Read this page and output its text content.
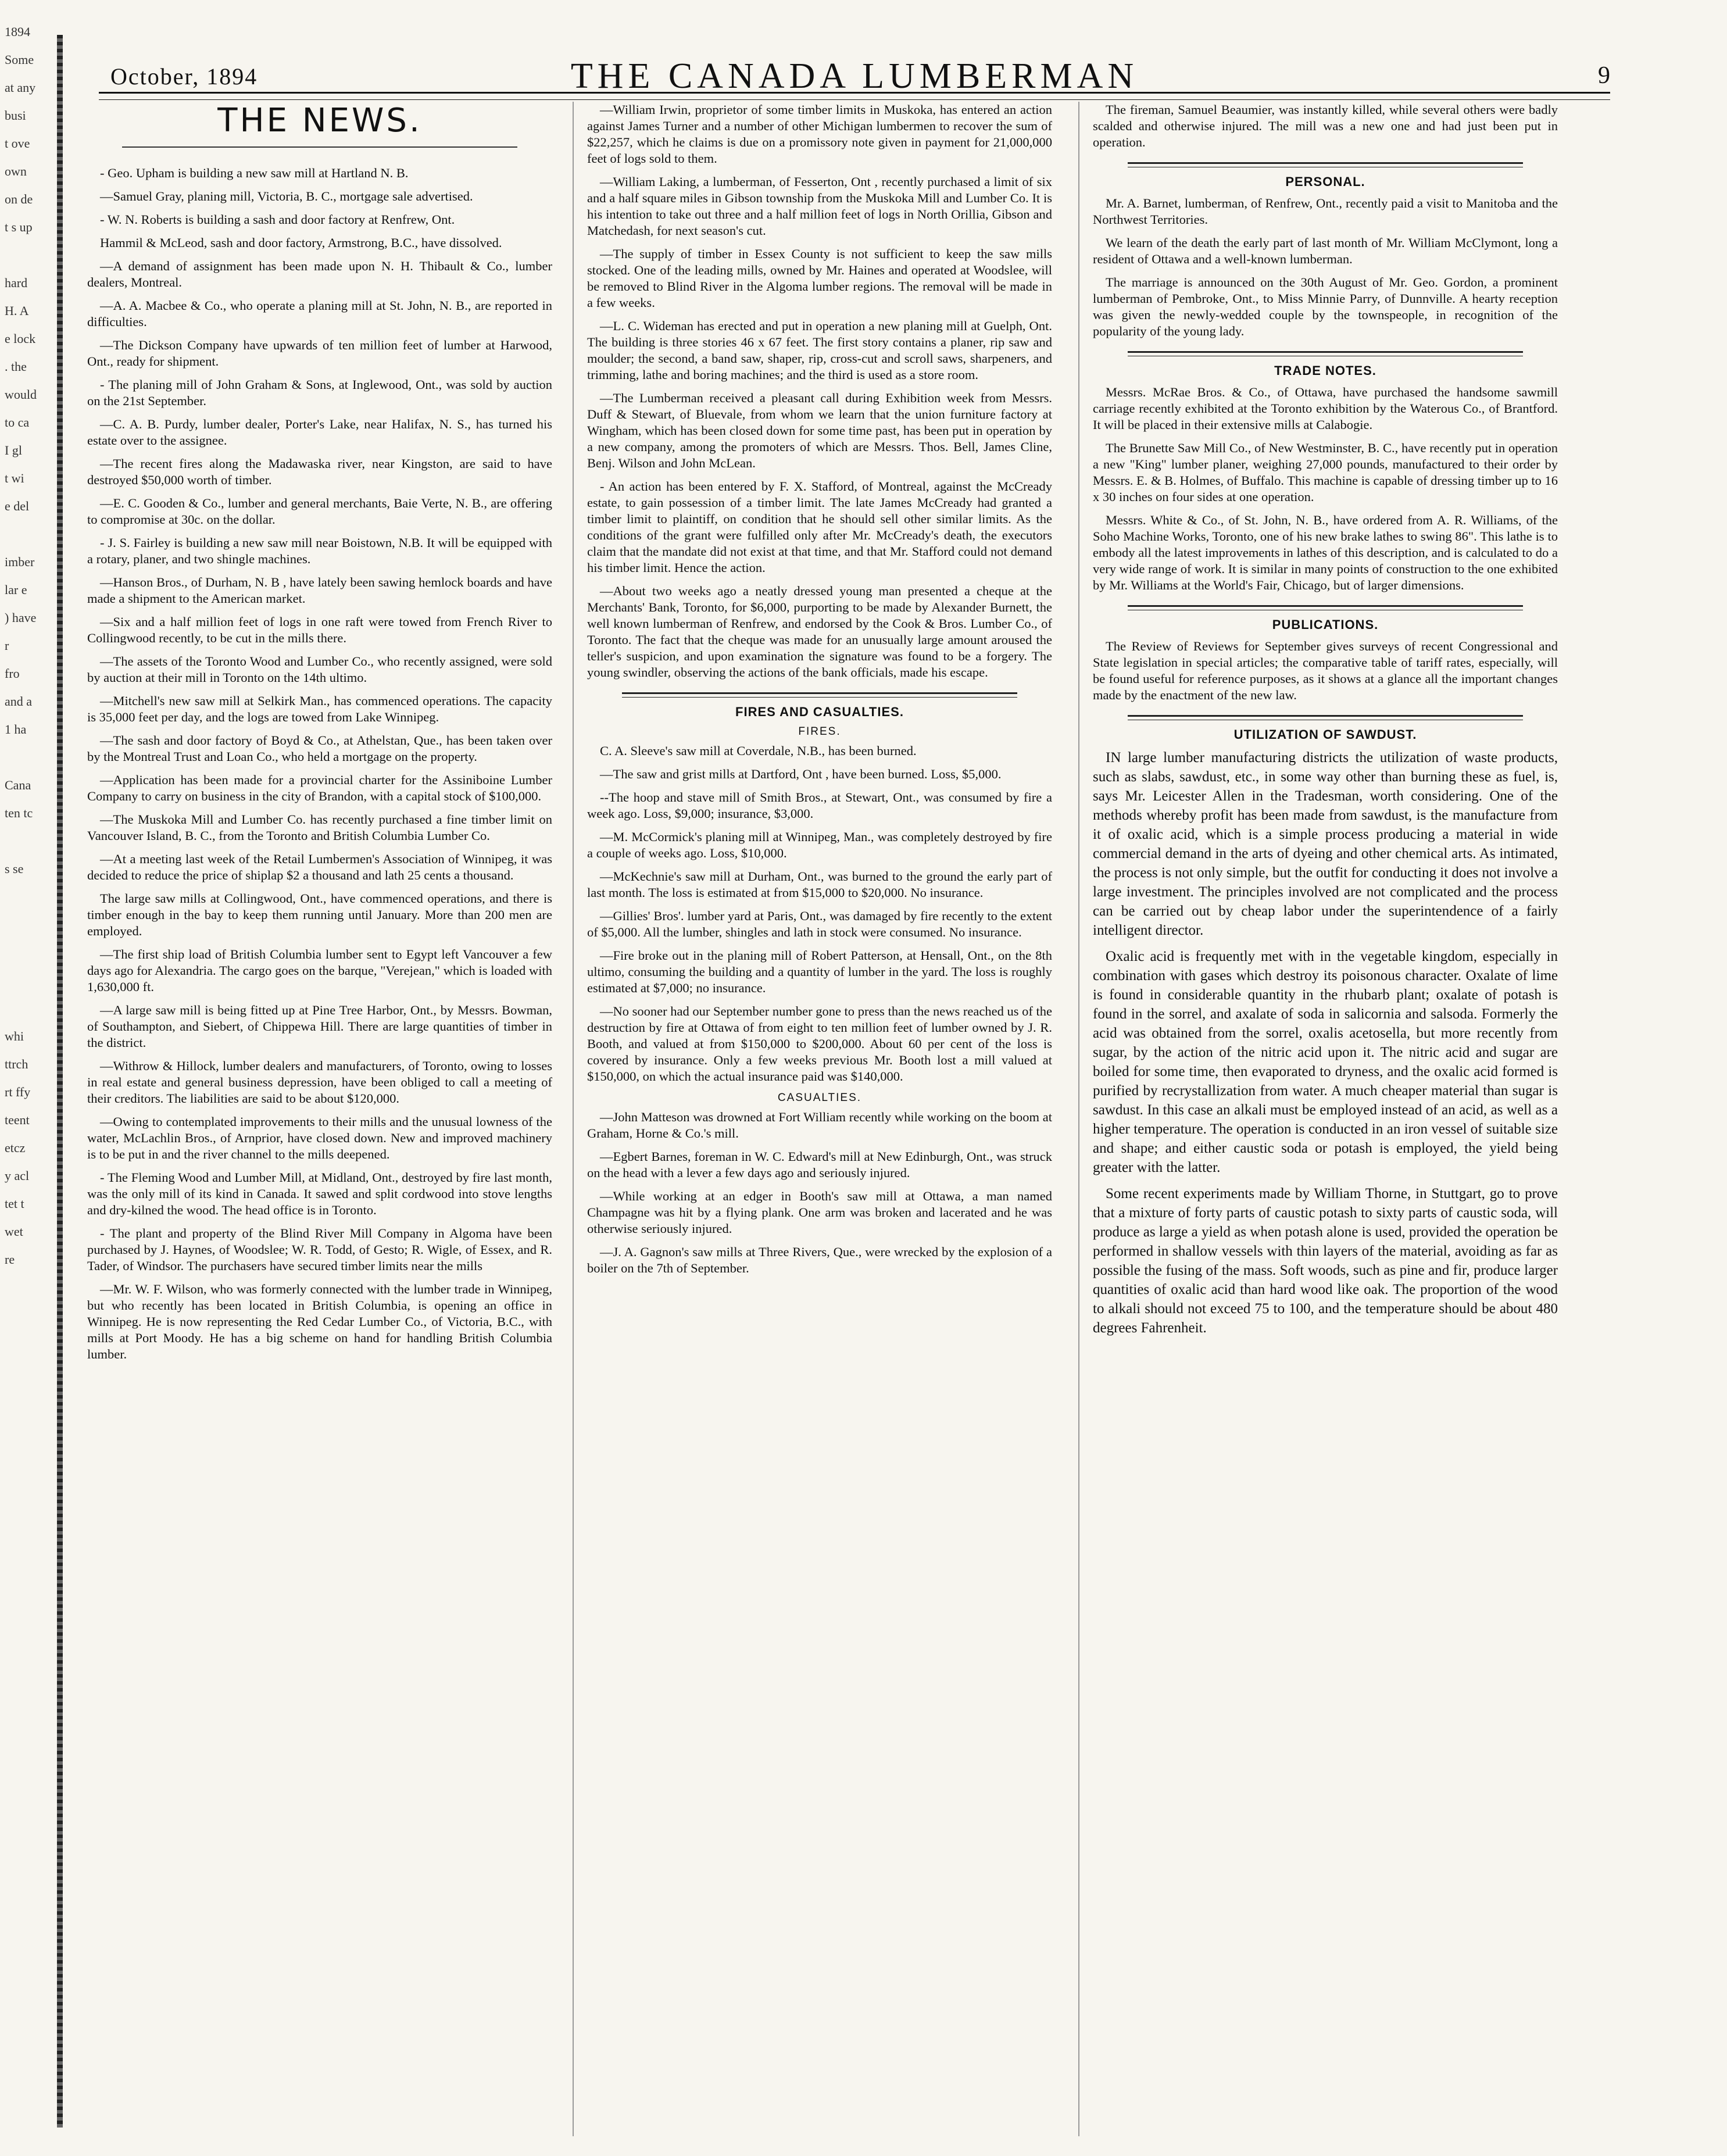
1894
Some
at any
busi
t ove
own
on de
t s up
hard
H. A
e lock
. the
would
to ca
I gl
t wi
e del
imber
lar e
) have
r
fro
and a
1 ha
Cana
ten tc
s se
whi
ttrch
rt ffy
teent
etcz
y acl
tet t
wet
re
October, 1894	THE CANADA LUMBERMAN	9
THE NEWS.

- Geo. Upham is building a new saw mill at Hartland N. B.

—Samuel Gray, planing mill, Victoria, B. C., mortgage sale advertised.

- W. N. Roberts is building a sash and door factory at Renfrew, Ont.

Hammil & McLeod, sash and door factory, Armstrong, B.C., have dissolved.

—A demand of assignment has been made upon N. H. Thibault & Co., lumber dealers, Montreal.

—A. A. Macbee & Co., who operate a planing mill at St. John, N. B., are reported in difficulties.

—The Dickson Company have upwards of ten million feet of lumber at Harwood, Ont., ready for shipment.

- The planing mill of John Graham & Sons, at Inglewood, Ont., was sold by auction on the 21st September.

—C. A. B. Purdy, lumber dealer, Porter's Lake, near Halifax, N. S., has turned his estate over to the assignee.

—The recent fires along the Madawaska river, near Kingston, are said to have destroyed $50,000 worth of timber.

—E. C. Gooden & Co., lumber and general merchants, Baie Verte, N. B., are offering to compromise at 30c. on the dollar.

- J. S. Fairley is building a new saw mill near Boistown, N.B. It will be equipped with a rotary, planer, and two shingle machines.

—Hanson Bros., of Durham, N. B , have lately been sawing hemlock boards and have made a shipment to the American market.

—Six and a half million feet of logs in one raft were towed from French River to Collingwood recently, to be cut in the mills there.

—The assets of the Toronto Wood and Lumber Co., who recently assigned, were sold by auction at their mill in Toronto on the 14th ultimo.

—Mitchell's new saw mill at Selkirk Man., has commenced operations. The capacity is 35,000 feet per day, and the logs are towed from Lake Winnipeg.

—The sash and door factory of Boyd & Co., at Athelstan, Que., has been taken over by the Montreal Trust and Loan Co., who held a mortgage on the property.

—Application has been made for a provincial charter for the Assiniboine Lumber Company to carry on business in the city of Brandon, with a capital stock of $100,000.

—The Muskoka Mill and Lumber Co. has recently purchased a fine timber limit on Vancouver Island, B. C., from the Toronto and British Columbia Lumber Co.

—At a meeting last week of the Retail Lumbermen's Association of Winnipeg, it was decided to reduce the price of shiplap $2 a thousand and lath 25 cents a thousand.

The large saw mills at Collingwood, Ont., have commenced operations, and there is timber enough in the bay to keep them running until January. More than 200 men are employed.

—The first ship load of British Columbia lumber sent to Egypt left Vancouver a few days ago for Alexandria. The cargo goes on the barque, "Verejean," which is loaded with 1,630,000 ft.

—A large saw mill is being fitted up at Pine Tree Harbor, Ont., by Messrs. Bowman, of Southampton, and Siebert, of Chippewa Hill. There are large quantities of timber in the district.

—Withrow & Hillock, lumber dealers and manufacturers, of Toronto, owing to losses in real estate and general business depression, have been obliged to call a meeting of their creditors. The liabilities are said to be about $120,000.

—Owing to contemplated improvements to their mills and the unusual lowness of the water, McLachlin Bros., of Arnprior, have closed down. New and improved machinery is to be put in and the river channel to the mills deepened.

- The Fleming Wood and Lumber Mill, at Midland, Ont., destroyed by fire last month, was the only mill of its kind in Canada. It sawed and split cordwood into stove lengths and dry-kilned the wood. The head office is in Toronto.

- The plant and property of the Blind River Mill Company in Algoma have been purchased by J. Haynes, of Woodslee; W. R. Todd, of Gesto; R. Wigle, of Essex, and R. Tader, of Windsor. The purchasers have secured timber limits near the mills

—Mr. W. F. Wilson, who was formerly connected with the lumber trade in Winnipeg, but who recently has been located in British Columbia, is opening an office in Winnipeg. He is now representing the Red Cedar Lumber Co., of Victoria, B.C., with mills at Port Moody. He has a big scheme on hand for handling British Columbia lumber.

—William Irwin, proprietor of some timber limits in Muskoka, has entered an action against James Turner and a number of other Michigan lumbermen to recover the sum of $22,257, which he claims is due on a promissory note given in payment for 21,000,000 feet of logs sold to them.

—William Laking, a lumberman, of Fesserton, Ont , recently purchased a limit of six and a half square miles in Gibson township from the Muskoka Mill and Lumber Co. It is his intention to take out three and a half million feet of logs in North Orillia, Gibson and Matchedash, for next season's cut.

—The supply of timber in Essex County is not sufficient to keep the saw mills stocked. One of the leading mills, owned by Mr. Haines and operated at Woodslee, will be removed to Blind River in the Algoma lumber regions. The removal will be made in a few weeks.

—L. C. Wideman has erected and put in operation a new planing mill at Guelph, Ont. The building is three stories 46 x 67 feet. The first story contains a planer, rip saw and moulder; the second, a band saw, shaper, rip, cross-cut and scroll saws, sharpeners, and trimming, lathe and boring machines; and the third is used as a store room.

—The Lumberman received a pleasant call during Exhibition week from Messrs. Duff & Stewart, of Bluevale, from whom we learn that the union furniture factory at Wingham, which has been closed down for some time past, has been put in operation by a new company, among the promoters of which are Messrs. Thos. Bell, James Cline, Benj. Wilson and John McLean.

- An action has been entered by F. X. Stafford, of Montreal, against the McCready estate, to gain possession of a timber limit. The late James McCready had granted a timber limit to plaintiff, on condition that he should sell other similar limits. As the conditions of the grant were fulfilled only after Mr. McCready's death, the executors claim that the mandate did not exist at that time, and that Mr. Stafford could not demand his timber limit. Hence the action.

—About two weeks ago a neatly dressed young man presented a cheque at the Merchants' Bank, Toronto, for $6,000, purporting to be made by Alexander Burnett, the well known lumberman of Renfrew, and endorsed by the Cook & Bros. Lumber Co., of Toronto. The fact that the cheque was made for an unusually large amount aroused the teller's suspicion, and upon examination the signature was found to be a forgery. The young swindler, observing the actions of the bank officials, made his escape.

FIRES AND CASUALTIES.
FIRES.

C. A. Sleeve's saw mill at Coverdale, N.B., has been burned.

—The saw and grist mills at Dartford, Ont , have been burned. Loss, $5,000.

--The hoop and stave mill of Smith Bros., at Stewart, Ont., was consumed by fire a week ago. Loss, $9,000; insurance, $3,000.

—M. McCormick's planing mill at Winnipeg, Man., was completely destroyed by fire a couple of weeks ago. Loss, $10,000.

—McKechnie's saw mill at Durham, Ont., was burned to the ground the early part of last month. The loss is estimated at from $15,000 to $20,000. No insurance.

—Gillies' Bros'. lumber yard at Paris, Ont., was damaged by fire recently to the extent of $5,000. All the lumber, shingles and lath in stock were consumed. No insurance.

—Fire broke out in the planing mill of Robert Patterson, at Hensall, Ont., on the 8th ultimo, consuming the building and a quantity of lumber in the yard. The loss is roughly estimated at $7,000; no insurance.

—No sooner had our September number gone to press than the news reached us of the destruction by fire at Ottawa of from eight to ten million feet of lumber owned by J. R. Booth, and valued at from $150,000 to $200,000. About 60 per cent of the loss is covered by insurance. Only a few weeks previous Mr. Booth lost a mill valued at $150,000, on which the actual insurance paid was $140,000.

CASUALTIES.

—John Matteson was drowned at Fort William recently while working on the boom at Graham, Horne & Co.'s mill.

—Egbert Barnes, foreman in W. C. Edward's mill at New Edinburgh, Ont., was struck on the head with a lever a few days ago and seriously injured.

—While working at an edger in Booth's saw mill at Ottawa, a man named Champagne was hit by a flying plank. One arm was broken and lacerated and he was otherwise seriously injured.

—J. A. Gagnon's saw mills at Three Rivers, Que., were wrecked by the explosion of a boiler on the 7th of September.

The fireman, Samuel Beaumier, was instantly killed, while several others were badly scalded and otherwise injured. The mill was a new one and had just been put in operation.

PERSONAL.

Mr. A. Barnet, lumberman, of Renfrew, Ont., recently paid a visit to Manitoba and the Northwest Territories.

We learn of the death the early part of last month of Mr. William McClymont, long a resident of Ottawa and a well-known lumberman.

The marriage is announced on the 30th August of Mr. Geo. Gordon, a prominent lumberman of Pembroke, Ont., to Miss Minnie Parry, of Dunnville. A hearty reception was given the newly-wedded couple by the townspeople, in recognition of the popularity of the young lady.

TRADE NOTES.

Messrs. McRae Bros. & Co., of Ottawa, have purchased the handsome sawmill carriage recently exhibited at the Toronto exhibition by the Waterous Co., of Brantford. It will be placed in their extensive mills at Calabogie.

The Brunette Saw Mill Co., of New Westminster, B. C., have recently put in operation a new "King" lumber planer, weighing 27,000 pounds, manufactured to their order by Messrs. E. & B. Holmes, of Buffalo. This machine is capable of dressing timber up to 16 x 30 inches on four sides at one operation.

Messrs. White & Co., of St. John, N. B., have ordered from A. R. Williams, of the Soho Machine Works, Toronto, one of his new brake lathes to swing 86". This lathe is to embody all the latest improvements in lathes of this description, and is calculated to do a very wide range of work. It is similar in many points of construction to the one exhibited by Mr. Williams at the World's Fair, Chicago, but of larger dimensions.

PUBLICATIONS.

The Review of Reviews for September gives surveys of recent Congressional and State legislation in special articles; the comparative table of tariff rates, especially, will be found useful for reference purposes, as it shows at a glance all the important changes made by the enactment of the new law.

UTILIZATION OF SAWDUST.

IN large lumber manufacturing districts the utilization of waste products, such as slabs, sawdust, etc., in some way other than burning these as fuel, is, says Mr. Leicester Allen in the Tradesman, worth considering. One of the methods whereby profit has been made from sawdust, is the manufacture from it of oxalic acid, which is a simple process producing a material in wide commercial demand in the arts of dyeing and other chemical arts. As intimated, the process is not only simple, but the outfit for conducting it does not involve a large investment. The principles involved are not complicated and the process can be carried out by cheap labor under the superintendence of a fairly intelligent director.

Oxalic acid is frequently met with in the vegetable kingdom, especially in combination with gases which destroy its poisonous character. Oxalate of lime is found in considerable quantity in the rhubarb plant; oxalate of potash is found in the sorrel, and axalate of soda in salicornia and salsoda. Formerly the acid was obtained from the sorrel, oxalis acetosella, but more recently from sugar, by the action of the nitric acid upon it. The nitric acid and sugar are boiled for some time, then evaporated to dryness, and the oxalic acid formed is purified by recrystallization from water. A much cheaper material than sugar is sawdust. In this case an alkali must be employed instead of an acid, as well as a higher temperature. The operation is conducted in an iron vessel of suitable size and shape; and either caustic soda or potash is employed, the yield being greater with the latter.

Some recent experiments made by William Thorne, in Stuttgart, go to prove that a mixture of forty parts of caustic potash to sixty parts of caustic soda, will produce as large a yield as when potash alone is used, provided the operation be performed in shallow vessels with thin layers of the material, avoiding as far as possible the fusing of the mass. Soft woods, such as pine and fir, produce larger quantities of oxalic acid than hard wood like oak. The proportion of the wood to alkali should not exceed 75 to 100, and the temperature should be about 480 degrees Fahrenheit.
